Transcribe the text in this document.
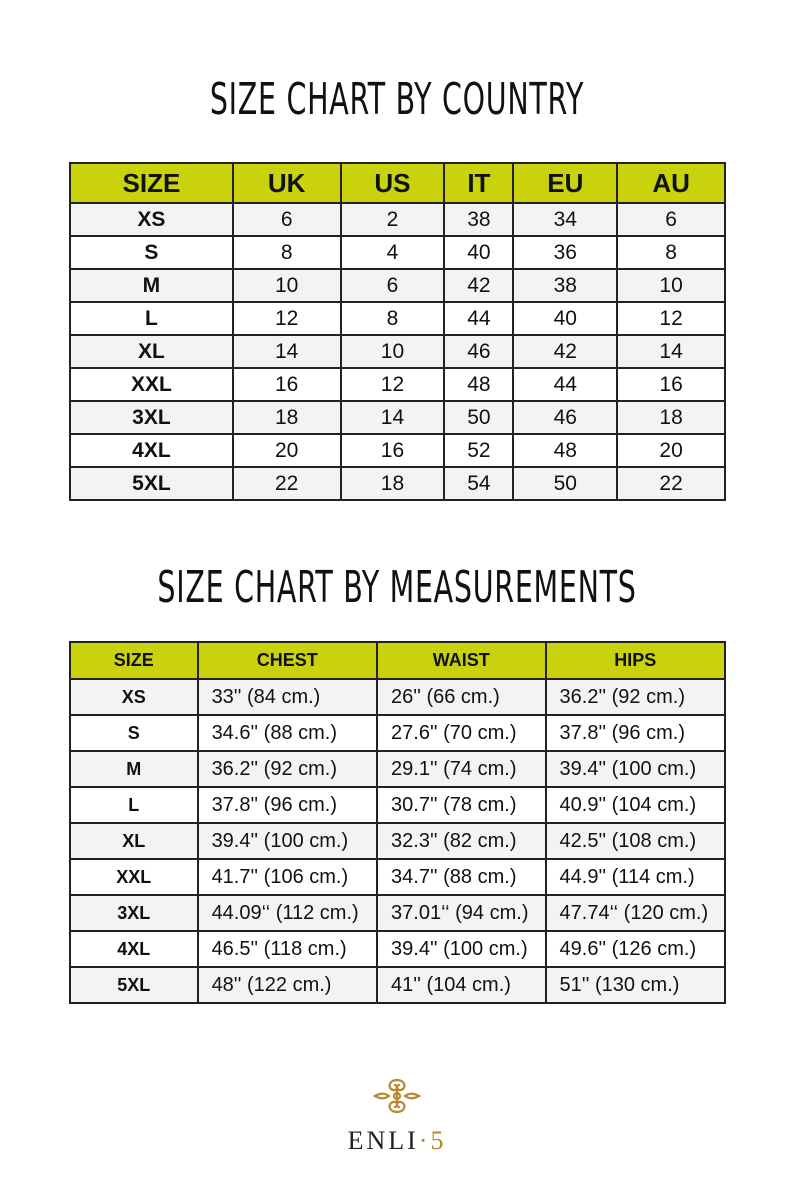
SIZE CHART BY COUNTRY
SIZE	UK	US	IT	EU	AU
XS	6	2	38	34	6
S	8	4	40	36	8
M	10	6	42	38	10
L	12	8	44	40	12
XL	14	10	46	42	14
XXL	16	12	48	44	16
3XL	18	14	50	46	18
4XL	20	16	52	48	20
5XL	22	18	54	50	22
SIZE CHART BY MEASUREMENTS
SIZE	CHEST	WAIST	HIPS
XS	33'' (84 cm.)	26'' (66 cm.)	36.2'' (92 cm.)
S	34.6'' (88 cm.)	27.6'' (70 cm.)	37.8'' (96 cm.)
M	36.2'' (92 cm.)	29.1'' (74 cm.)	39.4'' (100 cm.)
L	37.8'' (96 cm.)	30.7'' (78 cm.)	40.9'' (104 cm.)
XL	39.4'' (100 cm.)	32.3'' (82 cm.)	42.5'' (108 cm.)
XXL	41.7'' (106 cm.)	34.7'' (88 cm.)	44.9'' (114 cm.)
3XL	44.09‘‘ (112 cm.)	37.01‘‘ (94 cm.)	47.74‘‘ (120 cm.)
4XL	46.5'' (118 cm.)	39.4'' (100 cm.)	49.6'' (126 cm.)
5XL	48'' (122 cm.)	41'' (104 cm.)	51'' (130 cm.)
ENLI·5
